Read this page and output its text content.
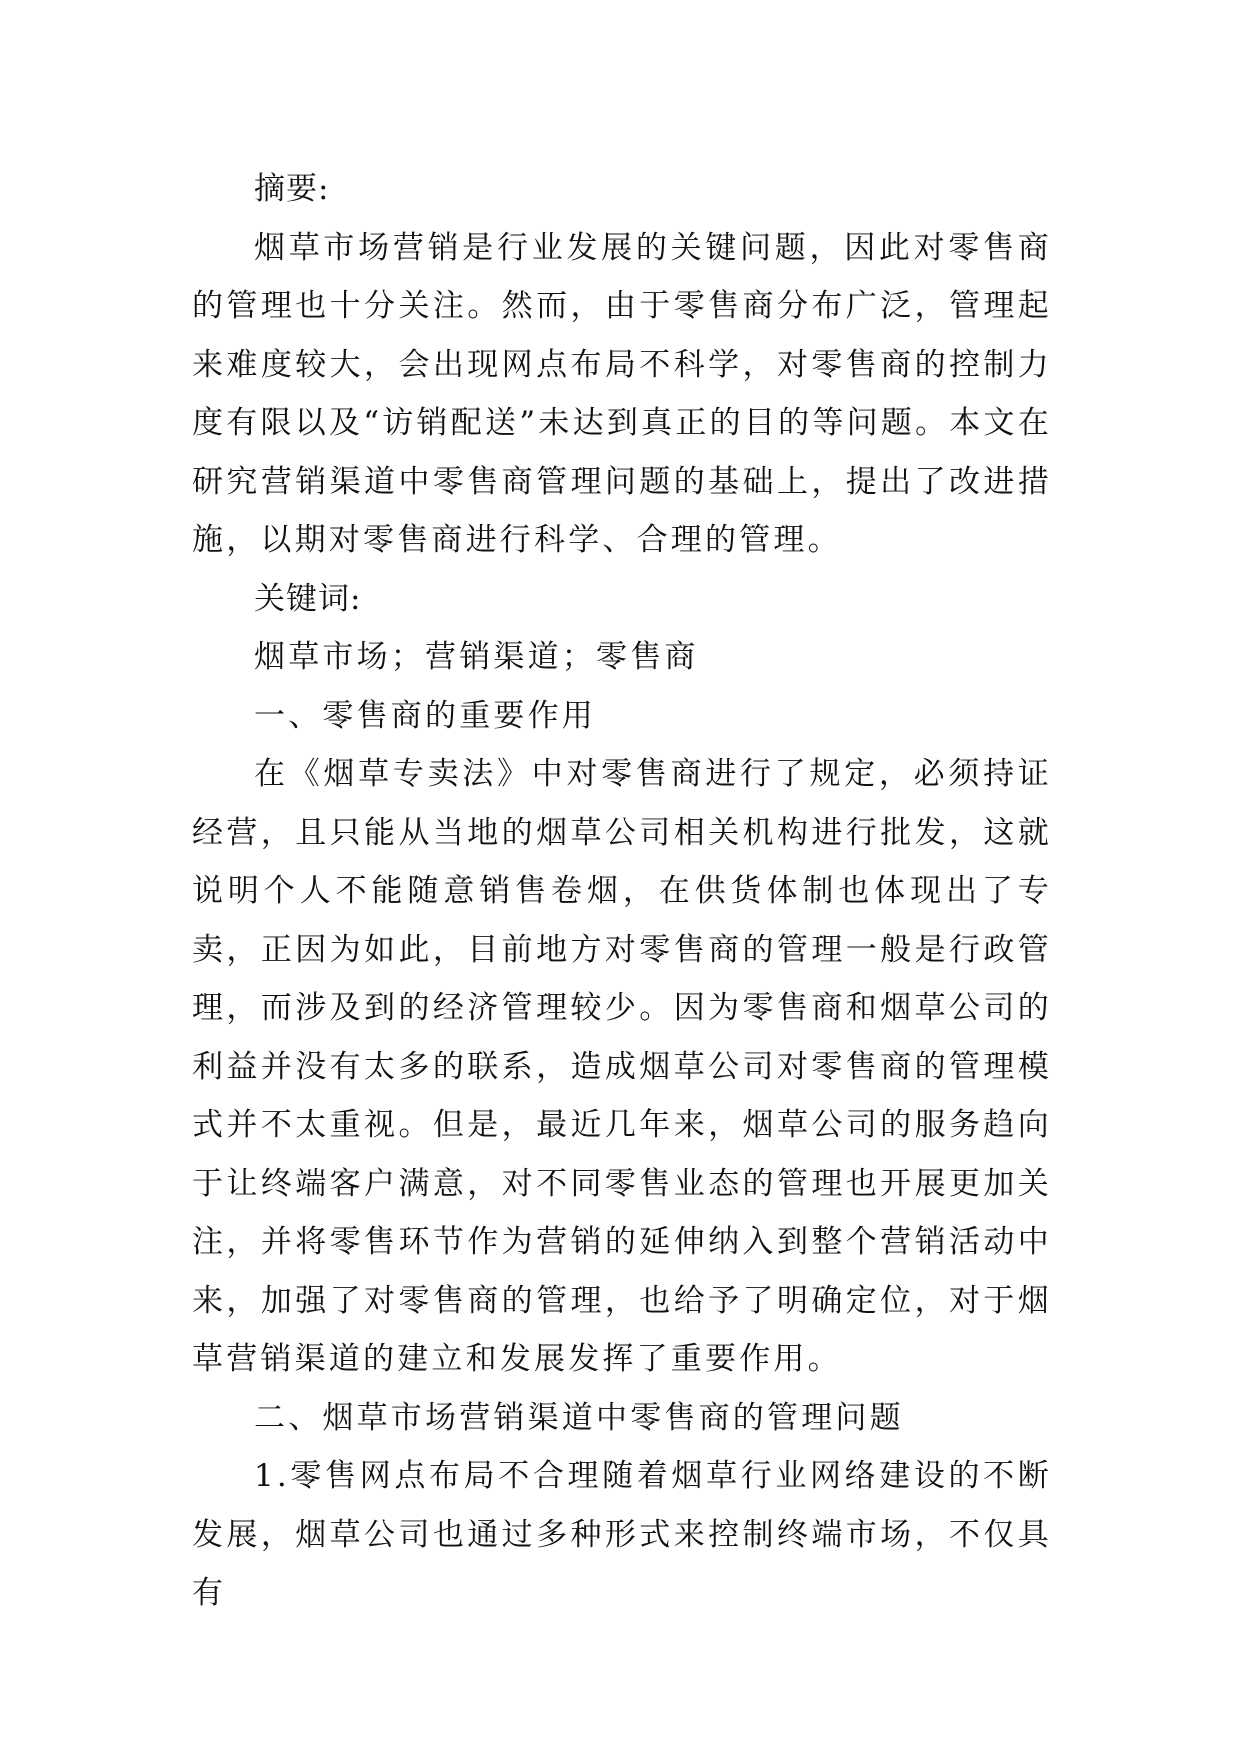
摘要:

烟草市场营销是行业发展的关键问题，因此对零售商的管理也十分关注。然而，由于零售商分布广泛，管理起来难度较大，会出现网点布局不科学，对零售商的控制力度有限以及“访销配送”未达到真正的目的等问题。本文在研究营销渠道中零售商管理问题的基础上，提出了改进措施，以期对零售商进行科学、合理的管理。

关键词:

烟草市场；营销渠道；零售商

一、零售商的重要作用

在《烟草专卖法》中对零售商进行了规定，必须持证经营，且只能从当地的烟草公司相关机构进行批发，这就说明个人不能随意销售卷烟，在供货体制也体现出了专卖，正因为如此，目前地方对零售商的管理一般是行政管理，而涉及到的经济管理较少。因为零售商和烟草公司的利益并没有太多的联系，造成烟草公司对零售商的管理模式并不太重视。但是，最近几年来，烟草公司的服务趋向于让终端客户满意，对不同零售业态的管理也开展更加关注，并将零售环节作为营销的延伸纳入到整个营销活动中来，加强了对零售商的管理，也给予了明确定位，对于烟草营销渠道的建立和发展发挥了重要作用。

二、烟草市场营销渠道中零售商的管理问题

1.零售网点布局不合理随着烟草行业网络建设的不断发展，烟草公司也通过多种形式来控制终端市场，不仅具有
